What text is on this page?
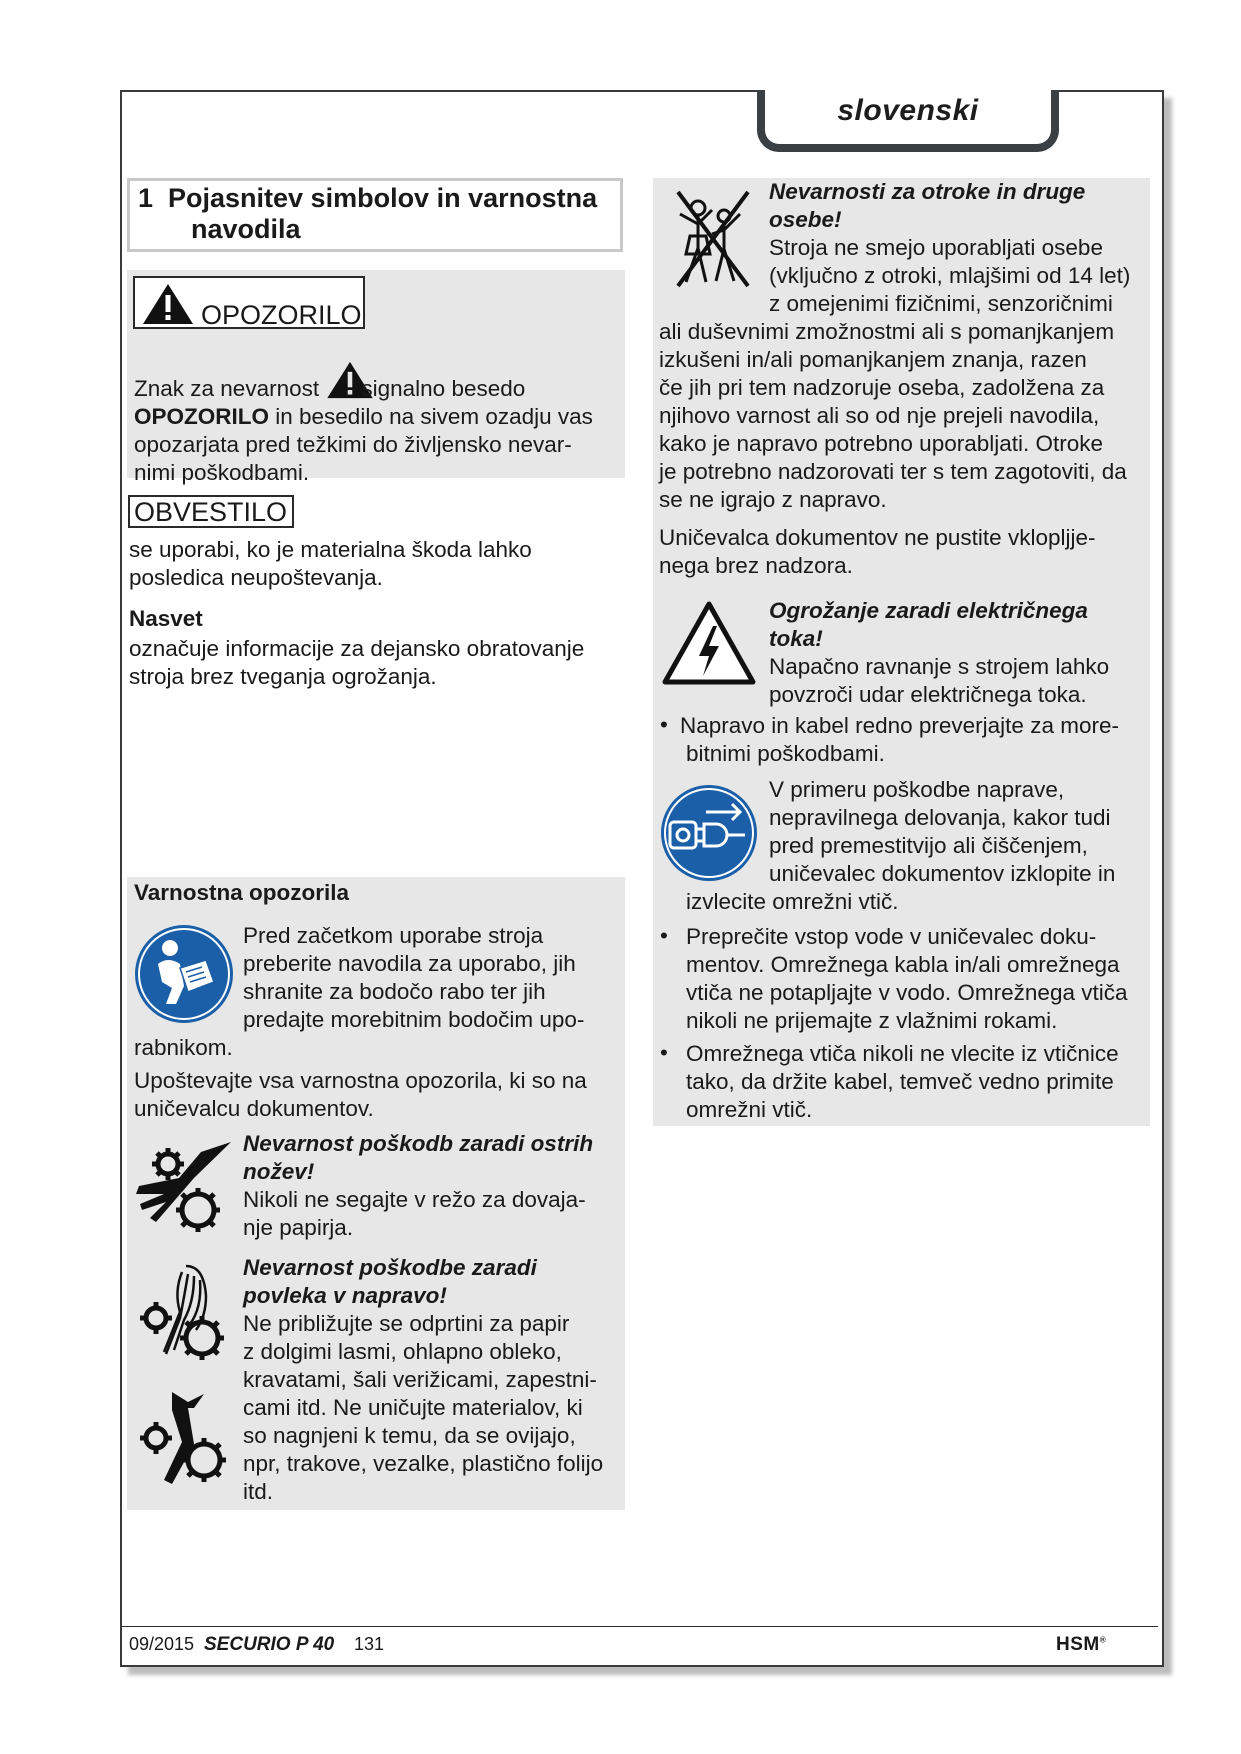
slovenski
1 Pojasnitev simbolov in varnostna
navodila
OPOZORILO
Znak za nevarnost signalno besedo
OPOZORILO in besedilo na sivem ozadju vas
opozarjata pred težkimi do življensko nevar-
nimi poškodbami.
OBVESTILO
se uporabi, ko je materialna škoda lahko
posledica neupoštevanja.
Nasvet
označuje informacije za dejansko obratovanje
stroja brez tveganja ogrožanja.
Varnostna opozorila
Pred začetkom uporabe stroja
preberite navodila za uporabo, jih
shranite za bodočo rabo ter jih
predajte morebitnim bodočim upo-
rabnikom.
Upoštevajte vsa varnostna opozorila, ki so na
uničevalcu dokumentov.
Nevarnost poškodb zaradi ostrih
nožev!
Nikoli ne segajte v režo za dovaja-
nje papirja.
Nevarnost poškodbe zaradi
povleka v napravo!
Ne približujte se odprtini za papir
z dolgimi lasmi, ohlapno obleko,
kravatami, šali verižicami, zapestni-
cami itd. Ne uničujte materialov, ki
so nagnjeni k temu, da se ovijajo,
npr, trakove, vezalke, plastično folijo
itd.
Nevarnosti za otroke in druge
osebe!
Stroja ne smejo uporabljati osebe
(vključno z otroki, mlajšimi od 14 let)
z omejenimi fizičnimi, senzoričnimi
ali duševnimi zmožnostmi ali s pomanjkanjem
izkušeni in/ali pomanjkanjem znanja, razen
če jih pri tem nadzoruje oseba, zadolžena za
njihovo varnost ali so od nje prejeli navodila,
kako je napravo potrebno uporabljati. Otroke
je potrebno nadzorovati ter s tem zagotoviti, da
se ne igrajo z napravo.
Uničevalca dokumentov ne pustite vklopljje-
nega brez nadzora.
Ogrožanje zaradi električnega
toka!
Napačno ravnanje s strojem lahko
povzroči udar električnega toka.
• Napravo in kabel redno preverjajte za more-
bitnimi poškodbami.
V primeru poškodbe naprave,
nepravilnega delovanja, kakor tudi
pred premestitvijo ali čiščenjem,
uničevalec dokumentov izklopite in
izvlecite omrežni vtič.
• Preprečite vstop vode v uničevalec doku-
mentov. Omrežnega kabla in/ali omrežnega
vtiča ne potapljajte v vodo. Omrežnega vtiča
nikoli ne prijemajte z vlažnimi rokami.
• Omrežnega vtiča nikoli ne vlecite iz vtičnice
tako, da držite kabel, temveč vedno primite
omrežni vtič.
09/2015 SECURIO P 40 131	HSM®
